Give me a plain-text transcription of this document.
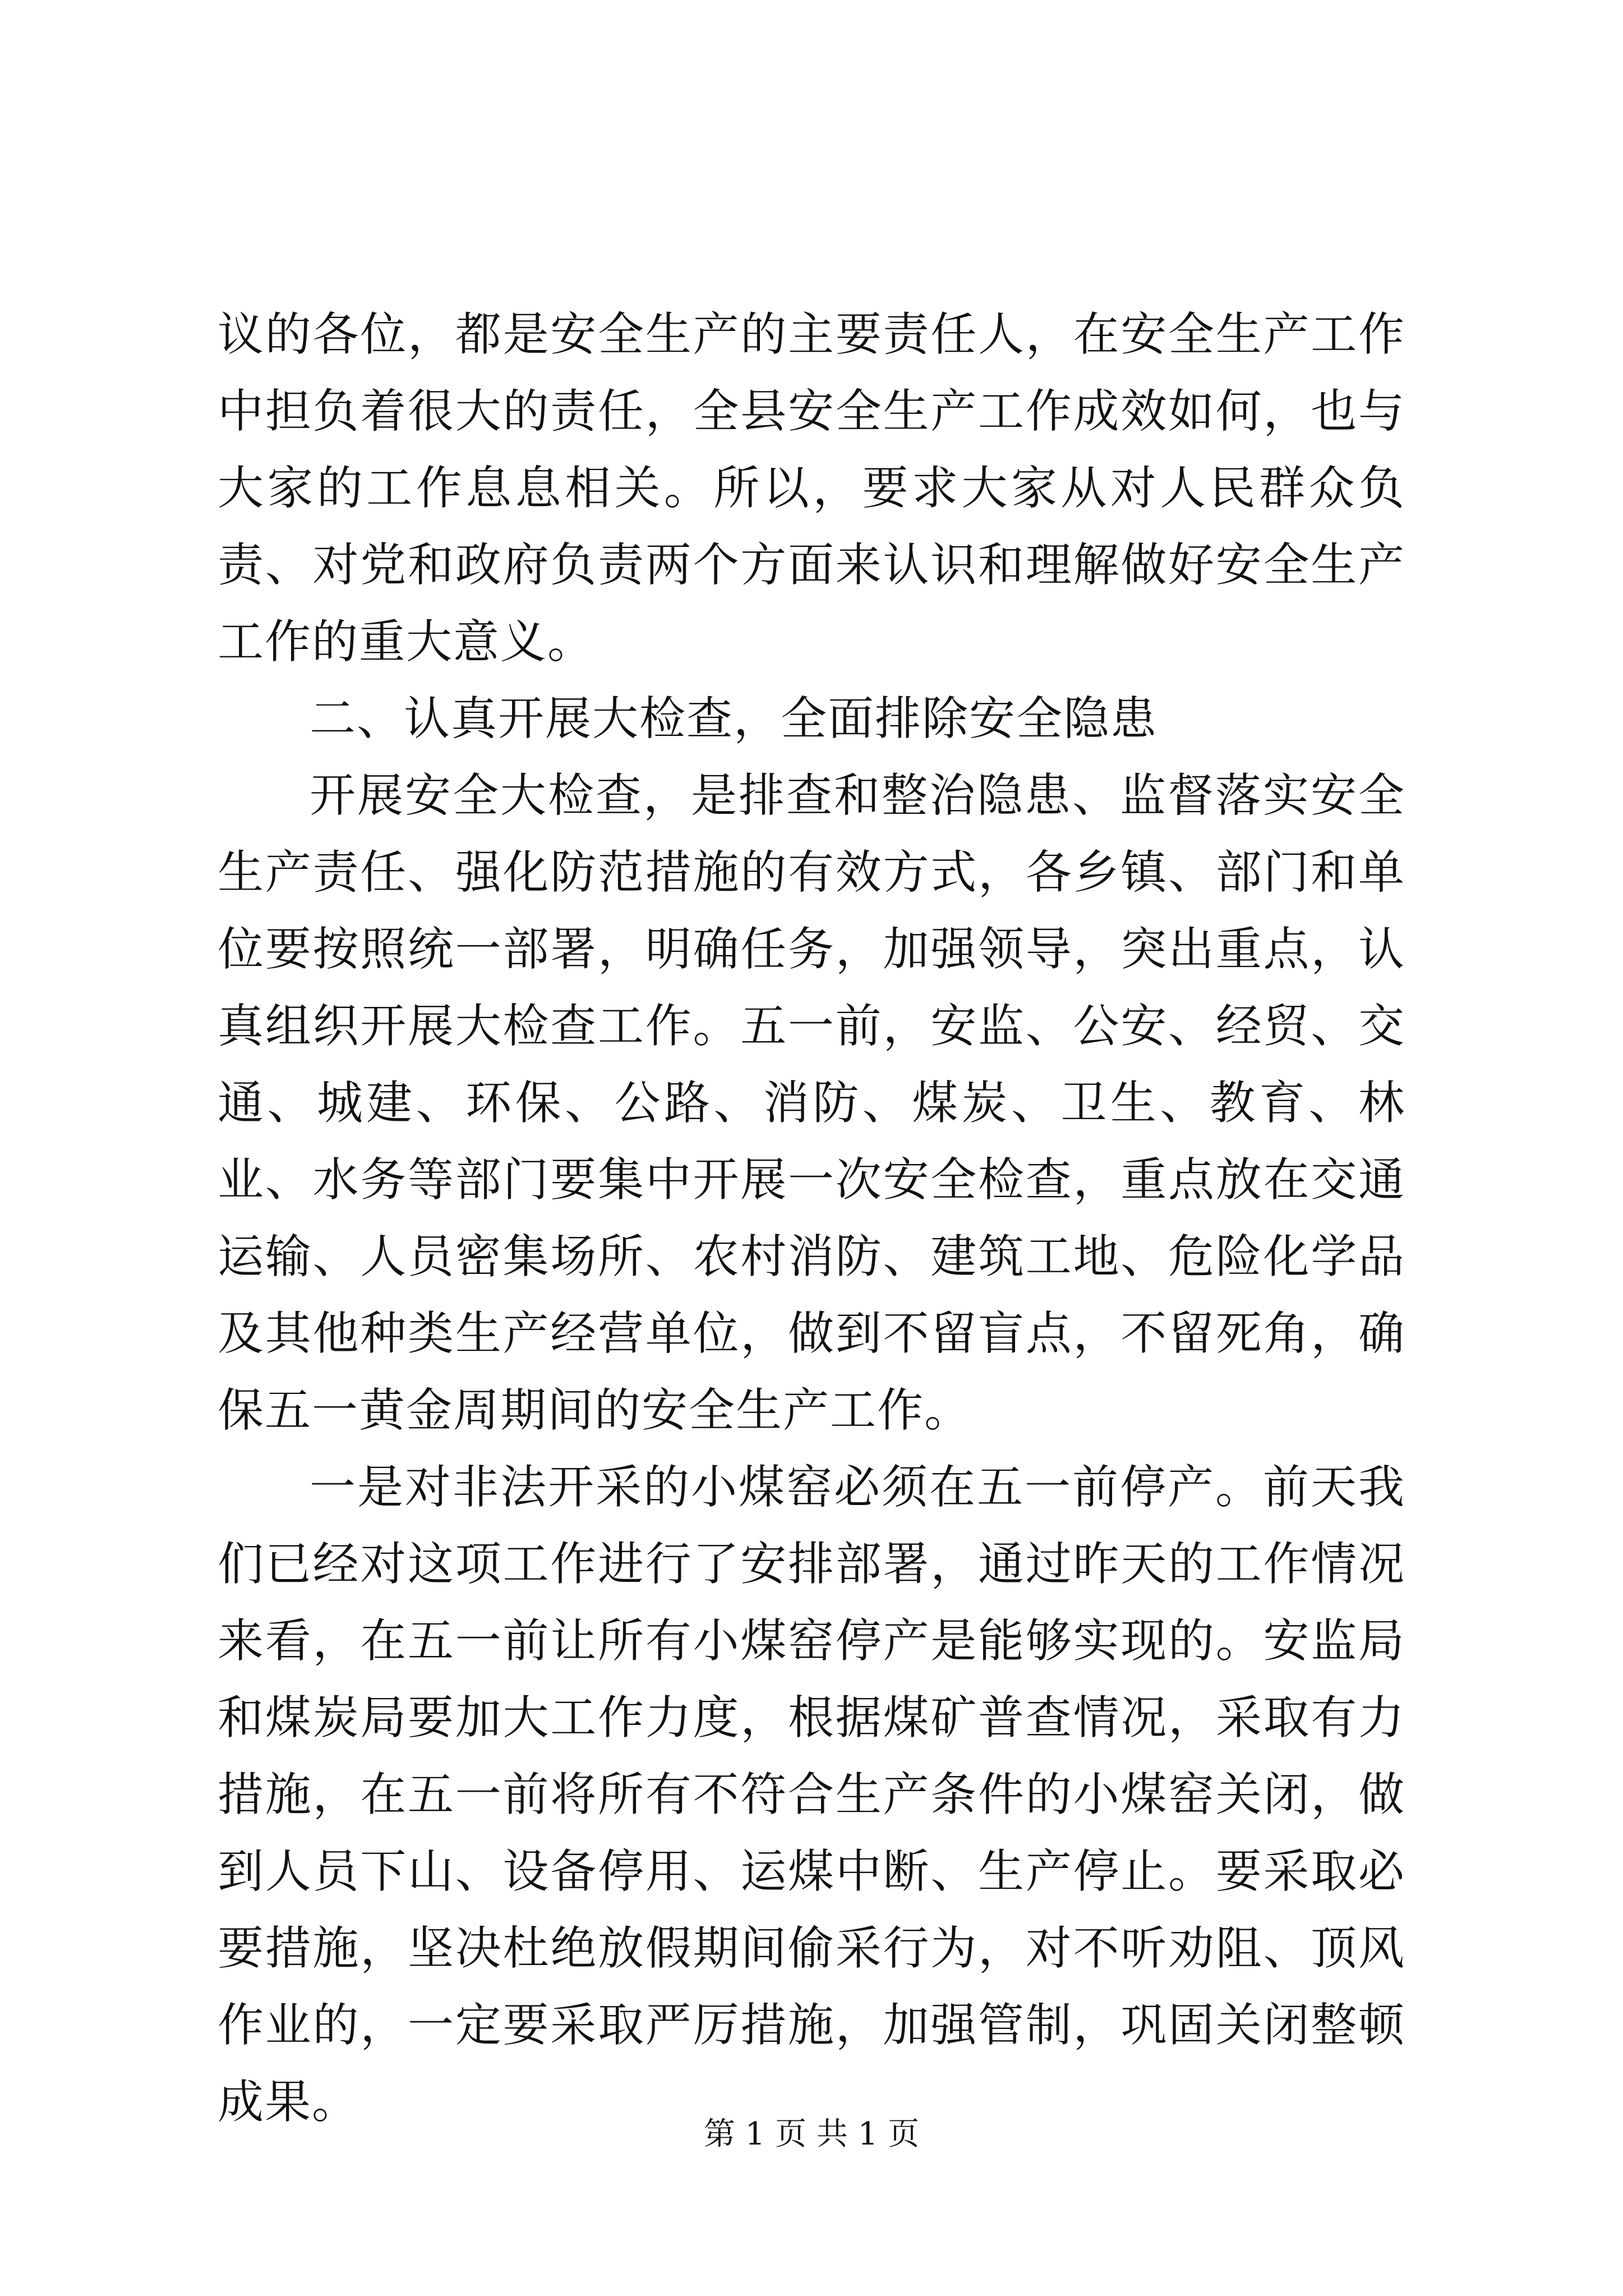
议的各位，都是安全生产的主要责任人，在安全生产工作中担负着很大的责任，全县安全生产工作成效如何，也与大家的工作息息相关。所以，要求大家从对人民群众负责、对党和政府负责两个方面来认识和理解做好安全生产工作的重大意义。

二、认真开展大检查，全面排除安全隐患

开展安全大检查，是排查和整治隐患、监督落实安全生产责任、强化防范措施的有效方式，各乡镇、部门和单位要按照统一部署，明确任务，加强领导，突出重点，认真组织开展大检查工作。五一前，安监、公安、经贸、交通、城建、环保、公路、消防、煤炭、卫生、教育、林业、水务等部门要集中开展一次安全检查，重点放在交通运输、人员密集场所、农村消防、建筑工地、危险化学品及其他种类生产经营单位，做到不留盲点，不留死角，确保五一黄金周期间的安全生产工作。

一是对非法开采的小煤窑必须在五一前停产。前天我们已经对这项工作进行了安排部署，通过昨天的工作情况来看，在五一前让所有小煤窑停产是能够实现的。安监局和煤炭局要加大工作力度，根据煤矿普查情况，采取有力措施，在五一前将所有不符合生产条件的小煤窑关闭，做到人员下山、设备停用、运煤中断、生产停止。要采取必要措施，坚决杜绝放假期间偷采行为，对不听劝阻、顶风作业的，一定要采取严厉措施，加强管制，巩固关闭整顿成果。

第 1 页 共 1 页
